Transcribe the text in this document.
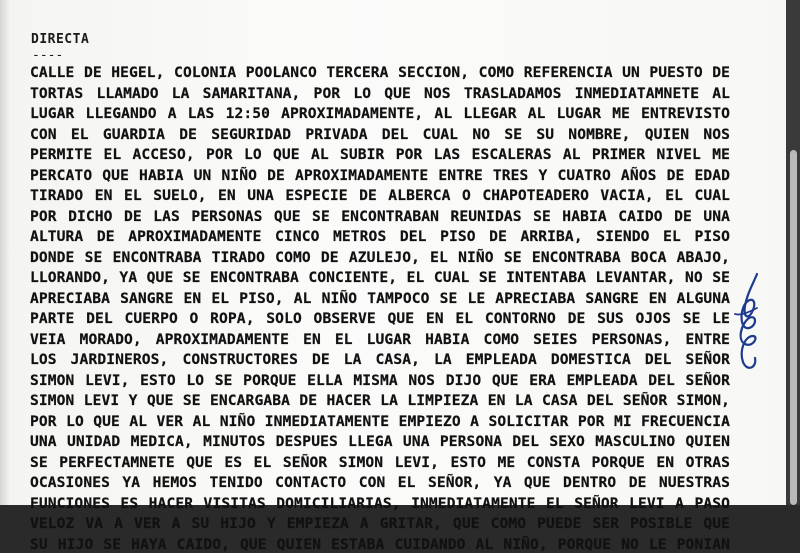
DIRECTA
----
CALLE DE HEGEL, COLONIA POOLANCO TERCERA SECCION, COMO REFERENCIA UN PUESTO DE
TORTAS LLAMADO LA SAMARITANA, POR LO QUE NOS TRASLADAMOS INMEDIATAMNETE AL
LUGAR LLEGANDO A LAS 12:50 APROXIMADAMENTE, AL LLEGAR AL LUGAR ME ENTREVISTO
CON EL GUARDIA DE SEGURIDAD PRIVADA DEL CUAL NO SE SU NOMBRE, QUIEN NOS
PERMITE EL ACCESO, POR LO QUE AL SUBIR POR LAS ESCALERAS AL PRIMER NIVEL ME
PERCATO QUE HABIA UN NIÑO DE APROXIMADAMENTE ENTRE TRES Y CUATRO AÑOS DE EDAD
TIRADO EN EL SUELO, EN UNA ESPECIE DE ALBERCA O CHAPOTEADERO VACIA, EL CUAL
POR DICHO DE LAS PERSONAS QUE SE ENCONTRABAN REUNIDAS SE HABIA CAIDO DE UNA
ALTURA DE APROXIMADAMENTE CINCO METROS DEL PISO DE ARRIBA, SIENDO EL PISO
DONDE SE ENCONTRABA TIRADO COMO DE AZULEJO, EL NIÑO SE ENCONTRABA BOCA ABAJO,
LLORANDO, YA QUE SE ENCONTRABA CONCIENTE, EL CUAL SE INTENTABA LEVANTAR, NO SE
APRECIABA SANGRE EN EL PISO, AL NIÑO TAMPOCO SE LE APRECIABA SANGRE EN ALGUNA
PARTE DEL CUERPO O ROPA, SOLO OBSERVE QUE EN EL CONTORNO DE SUS OJOS SE LE
VEIA MORADO, APROXIMADAMENTE EN EL LUGAR HABIA COMO SEIES PERSONAS, ENTRE
LOS JARDINEROS, CONSTRUCTORES DE LA CASA, LA EMPLEADA DOMESTICA DEL SEÑOR
SIMON LEVI, ESTO LO SE PORQUE ELLA MISMA NOS DIJO QUE ERA EMPLEADA DEL SEÑOR
SIMON LEVI Y QUE SE ENCARGABA DE HACER LA LIMPIEZA EN LA CASA DEL SEÑOR SIMON,
POR LO QUE AL VER AL NIÑO INMEDIATAMENTE EMPIEZO A SOLICITAR POR MI FRECUENCIA
UNA UNIDAD MEDICA, MINUTOS DESPUES LLEGA UNA PERSONA DEL SEXO MASCULINO QUIEN
SE PERFECTAMNETE QUE ES EL SEÑOR SIMON LEVI, ESTO ME CONSTA PORQUE EN OTRAS
OCASIONES YA HEMOS TENIDO CONTACTO CON EL SEÑOR, YA QUE DENTRO DE NUESTRAS
FUNCIONES ES HACER VISITAS DOMICILIARIAS, INMEDIATAMENTE EL SEÑOR LEVI A PASO
VELOZ VA A VER A SU HIJO Y EMPIEZA A GRITAR, QUE COMO PUEDE SER POSIBLE QUE
SU HIJO SE HAYA CAIDO, QUE QUIEN ESTABA CUIDANDO AL NIÑO, PORQUE NO LE PONIAN
